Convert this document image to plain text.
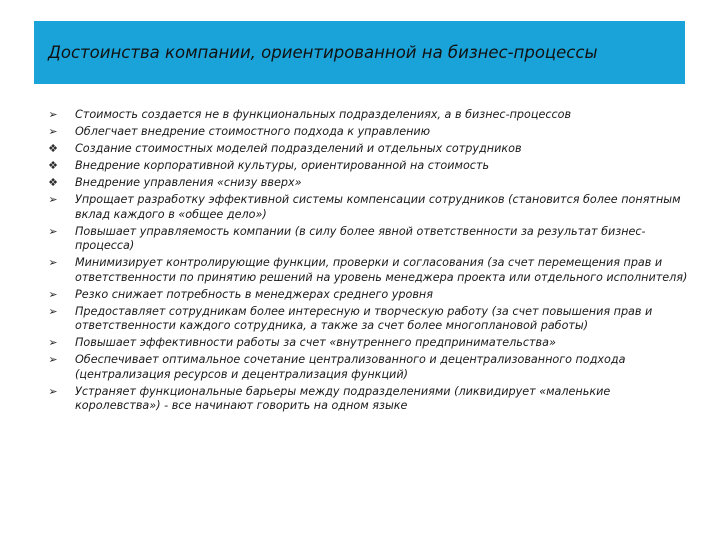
Достоинства компании, ориентированной на бизнес-процессы
➢ Стоимость создается не в функциональных подразделениях, а в бизнес-процессов
➢ Облегчает внедрение стоимостного подхода к управлению
❖ Создание стоимостных моделей подразделений и отдельных сотрудников
❖ Внедрение корпоративной культуры, ориентированной на стоимость
❖ Внедрение управления «снизу вверх»
➢ Упрощает разработку эффективной системы компенсации сотрудников (становится более понятным вклад каждого в «общее дело»)
➢ Повышает управляемость компании (в силу более явной ответственности за результат бизнес-процесса)
➢ Минимизирует контролирующие функции, проверки и согласования (за счет перемещения прав и ответственности по принятию решений на уровень менеджера проекта или отдельного исполнителя)
➢ Резко снижает потребность в менеджерах среднего уровня
➢ Предоставляет сотрудникам более интересную и творческую работу (за счет повышения прав и ответственности каждого сотрудника, а также за счет более многоплановой работы)
➢ Повышает эффективности работы за счет «внутреннего предпринимательства»
➢ Обеспечивает оптимальное сочетание централизованного и децентрализованного подхода (централизация ресурсов и децентрализация функций)
➢ Устраняет функциональные барьеры между подразделениями (ликвидирует «маленькие королевства») - все начинают говорить на одном языке
